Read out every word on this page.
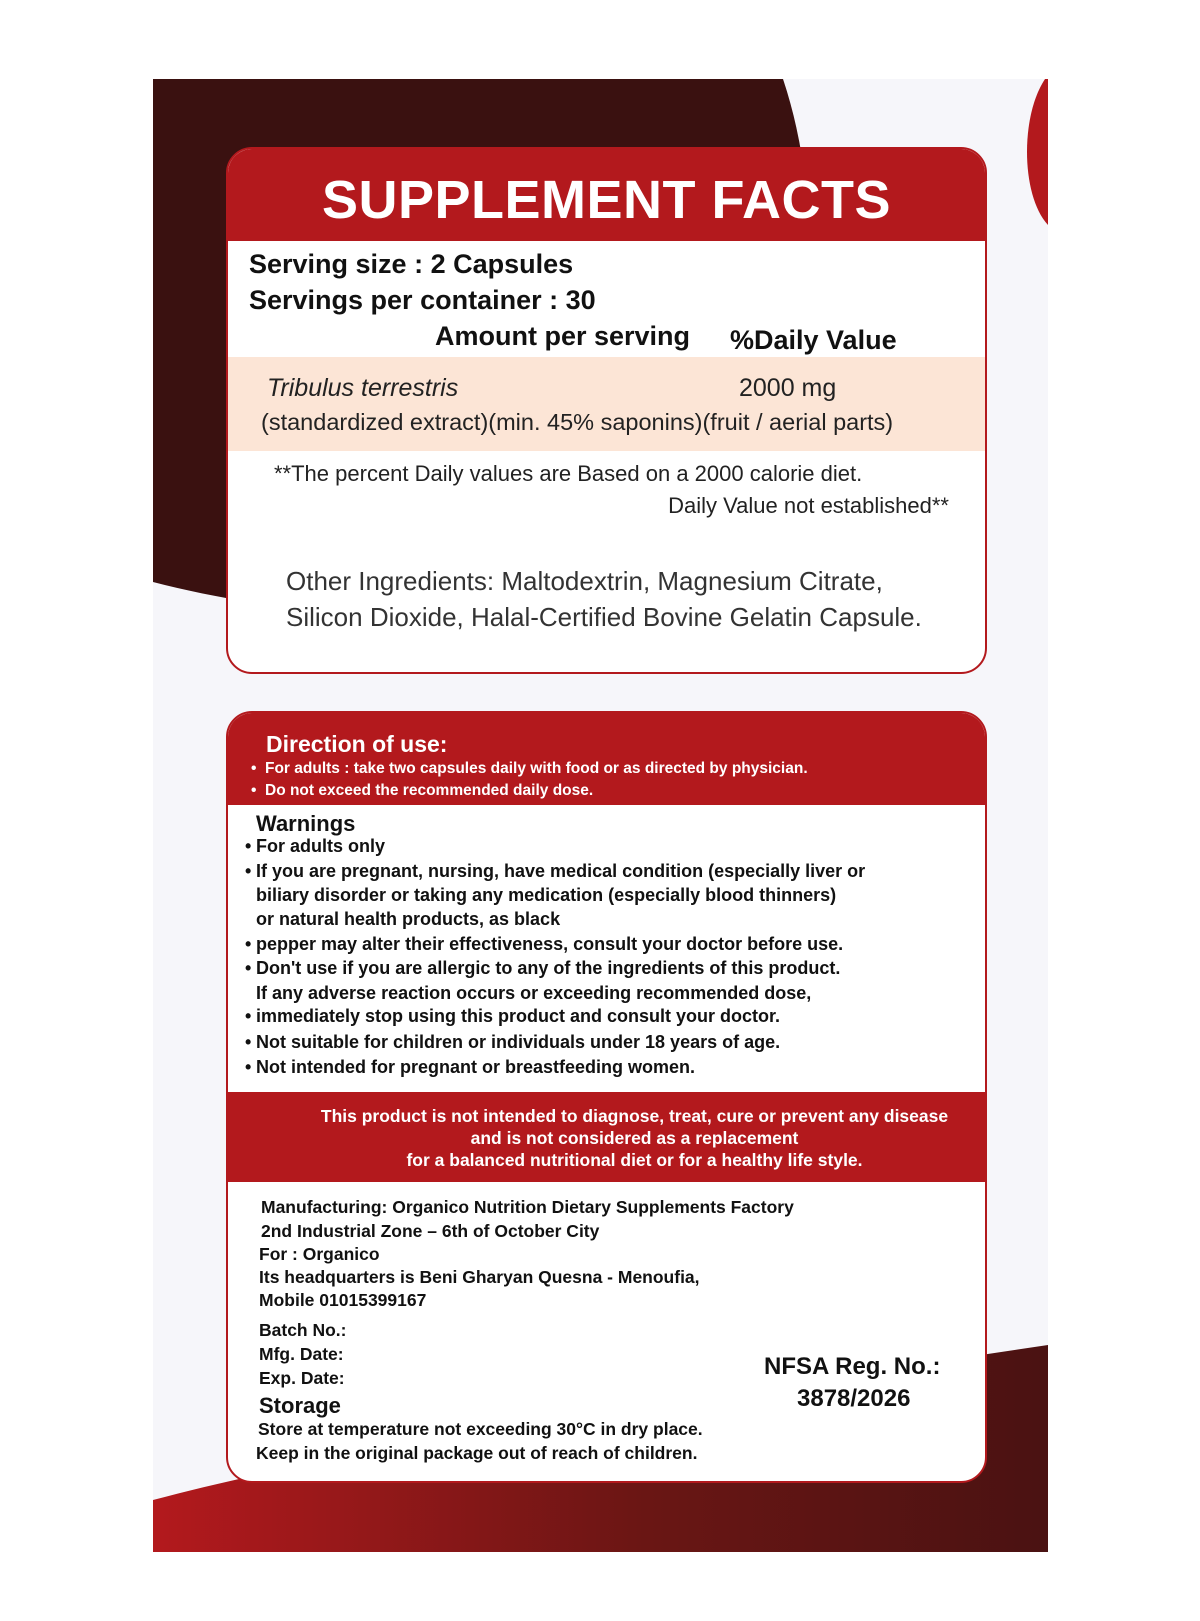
SUPPLEMENT FACTS
Serving size : 2 Capsules
Servings per container : 30
Amount per serving %Daily Value
Tribulus terrestris	2000 mg
(standardized extract)(min. 45% saponins)(fruit / aerial parts)
**The percent Daily values are Based on a 2000 calorie diet.
Daily Value not established**
Other Ingredients: Maltodextrin, Magnesium Citrate,
Silicon Dioxide, Halal-Certified Bovine Gelatin Capsule.
Direction of use:
• For adults : take two capsules daily with food or as directed by physician.
• Do not exceed the recommended daily dose.
Warnings
• For adults only
• If you are pregnant, nursing, have medical condition (especially liver or
biliary disorder or taking any medication (especially blood thinners)
or natural health products, as black
• pepper may alter their effectiveness, consult your doctor before use.
• Don't use if you are allergic to any of the ingredients of this product.
If any adverse reaction occurs or exceeding recommended dose,
• immediately stop using this product and consult your doctor.
• Not suitable for children or individuals under 18 years of age.
• Not intended for pregnant or breastfeeding women.
This product is not intended to diagnose, treat, cure or prevent any disease
and is not considered as a replacement
for a balanced nutritional diet or for a healthy life style.
Manufacturing: Organico Nutrition Dietary Supplements Factory
2nd Industrial Zone – 6th of October City
For : Organico
Its headquarters is Beni Gharyan Quesna - Menoufia,
Mobile 01015399167
Batch No.:
Mfg. Date:
Exp. Date:	NFSA Reg. No.:
3878/2026
Storage
Store at temperature not exceeding 30°C in dry place.
Keep in the original package out of reach of children.
